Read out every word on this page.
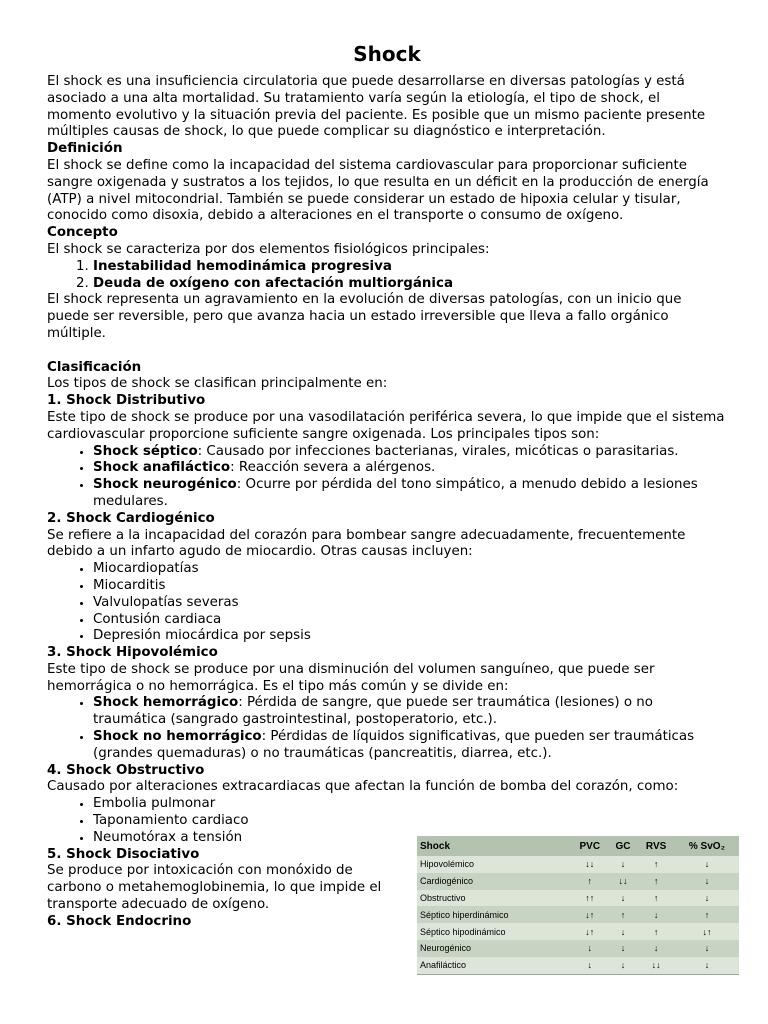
Shock

El shock es una insuficiencia circulatoria que puede desarrollarse en diversas patologías y está asociado a una alta mortalidad. Su tratamiento varía según la etiología, el tipo de shock, el momento evolutivo y la situación previa del paciente. Es posible que un mismo paciente presente múltiples causas de shock, lo que puede complicar su diagnóstico e interpretación.

Definición

El shock se define como la incapacidad del sistema cardiovascular para proporcionar suficiente sangre oxigenada y sustratos a los tejidos, lo que resulta en un déficit en la producción de energía (ATP) a nivel mitocondrial. También se puede considerar un estado de hipoxia celular y tisular, conocido como disoxia, debido a alteraciones en el transporte o consumo de oxígeno.

Concepto

El shock se caracteriza por dos elementos fisiológicos principales:

1. Inestabilidad hemodinámica progresiva
2. Deuda de oxígeno con afectación multiorgánica

El shock representa un agravamiento en la evolución de diversas patologías, con un inicio que puede ser reversible, pero que avanza hacia un estado irreversible que lleva a fallo orgánico múltiple.

Clasificación

Los tipos de shock se clasifican principalmente en:

1. Shock Distributivo

Este tipo de shock se produce por una vasodilatación periférica severa, lo que impide que el sistema cardiovascular proporcione suficiente sangre oxigenada. Los principales tipos son:

• Shock séptico: Causado por infecciones bacterianas, virales, micóticas o parasitarias.
• Shock anafiláctico: Reacción severa a alérgenos.
• Shock neurogénico: Ocurre por pérdida del tono simpático, a menudo debido a lesiones medulares.

2. Shock Cardiogénico

Se refiere a la incapacidad del corazón para bombear sangre adecuadamente, frecuentemente debido a un infarto agudo de miocardio. Otras causas incluyen:

• Miocardiopatías
• Miocarditis
• Valvulopatías severas
• Contusión cardiaca
• Depresión miocárdica por sepsis

3. Shock Hipovolémico

Este tipo de shock se produce por una disminución del volumen sanguíneo, que puede ser hemorrágica o no hemorrágica. Es el tipo más común y se divide en:

• Shock hemorrágico: Pérdida de sangre, que puede ser traumática (lesiones) o no traumática (sangrado gastrointestinal, postoperatorio, etc.).
• Shock no hemorrágico: Pérdidas de líquidos significativas, que pueden ser traumáticas (grandes quemaduras) o no traumáticas (pancreatitis, diarrea, etc.).

4. Shock Obstructivo

Causado por alteraciones extracardiacas que afectan la función de bomba del corazón, como:

• Embolia pulmonar
• Taponamiento cardiaco
• Neumotórax a tensión

5. Shock Disociativo

Se produce por intoxicación con monóxido de carbono o metahemoglobinemia, lo que impide el transporte adecuado de oxígeno.

6. Shock Endocrino

Shock	PVC	GC	RVS	% SvO₂
Hipovolémico	↓↓	↓	↑	↓
Cardiogénico	↑	↓↓	↑	↓
Obstructivo	↑↑	↓	↑	↓
Séptico hiperdinámico	↓↑	↑	↓	↑
Séptico hipodinámico	↓↑	↓	↑	↓↑
Neurogénico	↓	↓	↓	↓
Anafiláctico	↓	↓	↓↓	↓
